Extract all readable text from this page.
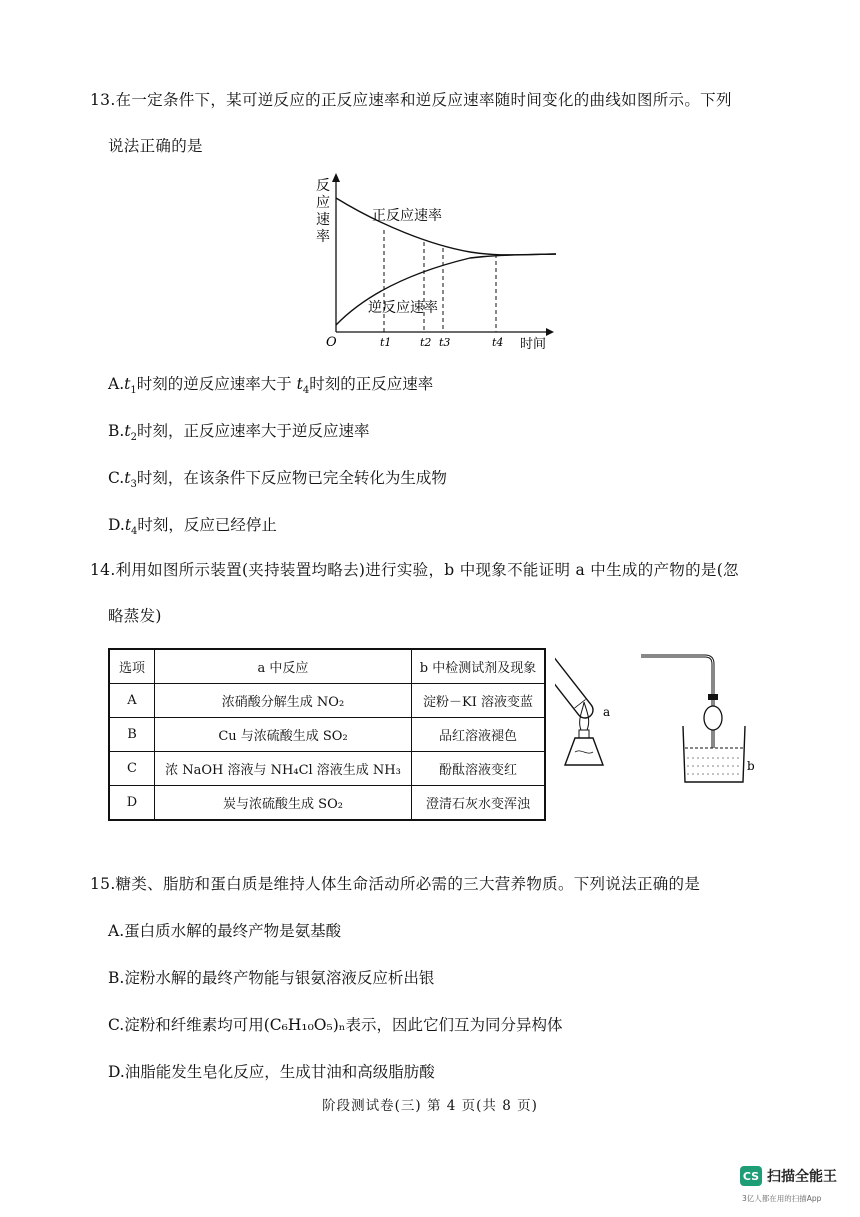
13.在一定条件下，某可逆反应的正反应速率和逆反应速率随时间变化的曲线如图所示。下列
说法正确的是
反
应
速
率
正反应速率
逆反应速率
O	t1	t2 t3	t4 时间
$A.t_1$时刻的逆反应速率大于 $t_4$时刻的正反应速率
$B.t_2$时刻，正反应速率大于逆反应速率
$C.t_3$时刻，在该条件下反应物已完全转化为生成物
$D.t_4$时刻，反应已经停止
14.利用如图所示装置(夹持装置均略去)进行实验，b 中现象不能证明 a 中生成的产物的是(忽
略蒸发)
选项	a 中反应	b 中检测试剂及现象
A	浓硝酸分解生成 NO₂	淀粉－KI 溶液变蓝
B	Cu 与浓硫酸生成 SO₂	品红溶液褪色
C	浓 NaOH 溶液与 NH₄Cl 溶液生成 NH₃	酚酞溶液变红
D	炭与浓硫酸生成 SO₂	澄清石灰水变浑浊
a
b
15.糖类、脂肪和蛋白质是维持人体生命活动所必需的三大营养物质。下列说法正确的是
A.蛋白质水解的最终产物是氨基酸
B.淀粉水解的最终产物能与银氨溶液反应析出银
C.淀粉和纤维素均可用(C₆H₁₀O₅)ₙ表示，因此它们互为同分异构体
D.油脂能发生皂化反应，生成甘油和高级脂肪酸
阶段测试卷(三) 第 4 页(共 8 页)
CS 扫描全能王
3亿人都在用的扫描App
